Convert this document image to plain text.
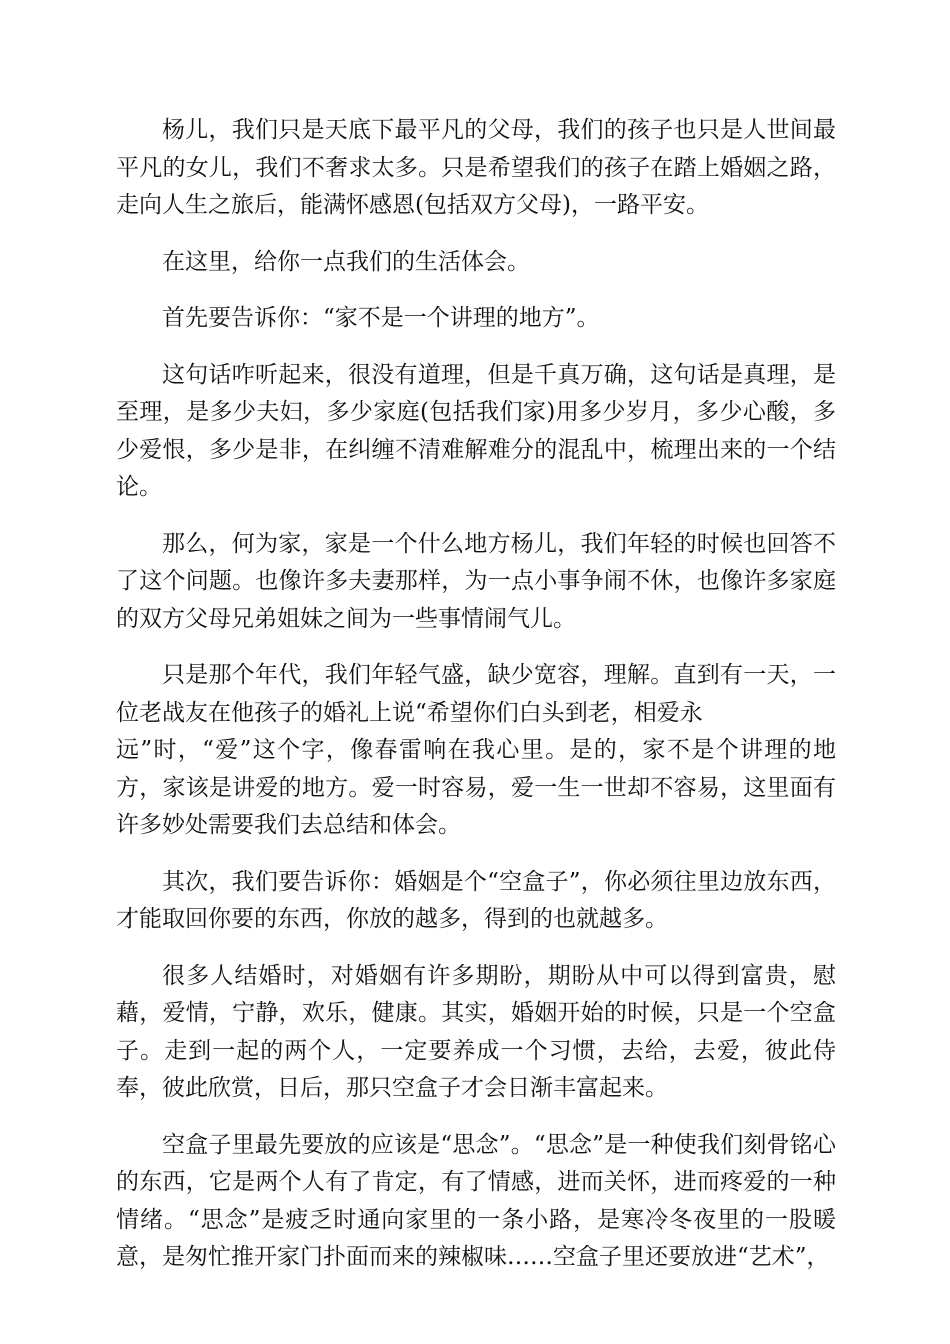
杨儿，我们只是天底下最平凡的父母，我们的孩子也只是人世间最平凡的女儿，我们不奢求太多。只是希望我们的孩子在踏上婚姻之路，走向人生之旅后，能满怀感恩(包括双方父母)，一路平安。

在这里，给你一点我们的生活体会。

首先要告诉你：“家不是一个讲理的地方”。

这句话咋听起来，很没有道理，但是千真万确，这句话是真理，是至理，是多少夫妇，多少家庭(包括我们家)用多少岁月，多少心酸，多少爱恨，多少是非，在纠缠不清难解难分的混乱中，梳理出来的一个结论。

那么，何为家，家是一个什么地方杨儿，我们年轻的时候也回答不了这个问题。也像许多夫妻那样，为一点小事争闹不休，也像许多家庭的双方父母兄弟姐妹之间为一些事情闹气儿。

只是那个年代，我们年轻气盛，缺少宽容，理解。直到有一天，一位老战友在他孩子的婚礼上说“希望你们白头到老，相爱永

远”时，“爱”这个字，像春雷响在我心里。是的，家不是个讲理的地方，家该是讲爱的地方。爱一时容易，爱一生一世却不容易，这里面有许多妙处需要我们去总结和体会。

其次，我们要告诉你：婚姻是个“空盒子”，你必须往里边放东西，才能取回你要的东西，你放的越多，得到的也就越多。

很多人结婚时，对婚姻有许多期盼，期盼从中可以得到富贵，慰藉，爱情，宁静，欢乐，健康。其实，婚姻开始的时候，只是一个空盒子。走到一起的两个人，一定要养成一个习惯，去给，去爱，彼此侍奉，彼此欣赏，日后，那只空盒子才会日渐丰富起来。

空盒子里最先要放的应该是“思念”。“思念”是一种使我们刻骨铭心的东西，它是两个人有了肯定，有了情感，进而关怀，进而疼爱的一种情绪。“思念”是疲乏时通向家里的一条小路，是寒冷冬夜里的一股暖意，是匆忙推开家门扑面而来的辣椒味……空盒子里还要放进“艺术”，
